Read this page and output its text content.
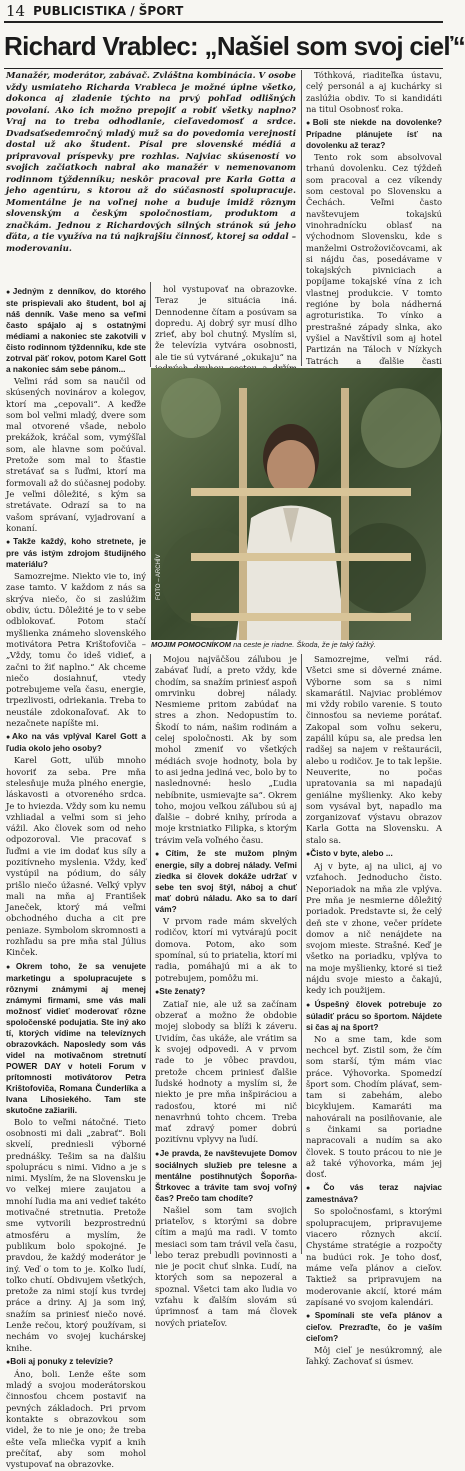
14 PUBLICISTIKA / ŠPORT
Richard Vrablec: „Našiel som svoj cieľ“
Manažér, moderátor, zabávač. Zvláštna kombinácia. V osobe vždy usmiateho Richarda Vrableca je možné úplne všetko, dokonca aj zladenie týchto na prvý pohľad odlišných povolaní. Ako ich možno prepojiť a robiť všetky naplno? Vraj na to treba odhodlanie, cieľavedomosť a srdce. Dvadsaťsedemročný mladý muž sa do povedomia verejnosti dostal už ako študent. Písal pre slovenské médiá a pripravoval príspevky pre rozhlas. Najviac skúseností vo svojich začiatkoch nabral ako manažér v nemenovanom rodinnom týždenníku; neskôr pracoval pre Karla Gotta a jeho agentúru, s ktorou až do súčasnosti spolupracuje. Momentálne je na voľnej nohe a buduje imidž rôznym slovenským a českým spoločnostiam, produktom a značkám. Jednou z Richardových silných stránok sú jeho ďáta, a tie využíva na tú najkrajšiu činnosť, ktorej sa oddal – moderovaniu.

Tóthková, riaditeľka ústavu, celý personál a aj kuchárky si zaslúžia obdiv. To si kandidáti na titul Osobnosť roka.

● Boli ste niekde na dovolenke? Prípadne plánujete ísť na dovolenku až teraz?

Tento rok som absolvoval trhanú dovolenku. Cez týždeň som pracoval a cez víkendy som cestoval po Slovensku a Čechách. Veľmi často navštevujem tokajskú vinohradnícku oblasť na východnom Slovensku, kde s manželmi Ostrožovičovcami, ak si nájdu čas, posedávame v tokajských pivniciach a popíjame tokajské vína z ich vlastnej produkcie. V tomto regióne by bola nádherná agroturistika. To vínko a prestrašné západy slnka, ako vyšiel a Navštívil som aj hotel Partizán na Táloch v Nízkych Tatrách a ďalšie časti

●
● Jedným z denníkov, do ktorého ste prispievali ako študent, bol aj náš denník. Vaše meno sa veľmi často spájalo aj s ostatnými médiami a nakoniec ste zakotvili v čisto rodinnom týždenníku, kde ste zotrval päť rokov, potom Karel Gott a nakoniec sám sebe pánom...

Veľmi rád som sa naučil od skúsených novinárov a kolegov, ktorí ma „cepovali“. A keďže som bol veľmi mladý, dvere som mal otvorené všade, nebolo prekážok, kráčal som, vymýšľal som, ale hlavne som počúval. Pretože som mal to šťastie stretávať sa s ľuďmi, ktorí ma formovali až do súčasnej podoby. Je veľmi dôležité, s kým sa stretávate. Odrazí sa to na vašom správaní, vyjadrovaní a konaní.

● Takže každý, koho stretnete, je pre vás istým zdrojom študijného materiálu?

Samozrejme. Niekto vie to, iný zase tamto. V každom z nás sa skrýva niečo, čo si zaslúžim obdiv, úctu. Dôležité je to v sebe odblokovať. Potom stačí myšlienka známeho slovenského motivátora Petra Krištofoviča – „Vždy, tomu čo ideš vidieť, a začni to žiť naplno.“ Ak chceme niečo dosiahnuť, vtedy potrebujeme veľa času, energie, trpezlivosti, odriekania. Treba to neustále zdokonaľovať. Ak to nezačnete napíšte mi.

● Ako na vás vplýval Karel Gott a ľudia okolo jeho osoby?

Karel Gott, uľúb mnoho hovoriť za seba. Pre mňa stelesňuje muža plného energie, láskavosti a otvoreného srdca. Je to hviezda. Vždy som ku nemu vzhliadal a veľmi som si jeho vážil. Ako človek som od neho odpozoroval. Vie pracovať s ľuďmi a vie im dodať kus síly a pozitívneho myslenia. Vždy, keď vystúpil na pódium, do sály prišlo niečo úžasné. Veľký vplyv mali na mňa aj František Janeček, ktorý má veľmi obchodného ducha a cit pre peniaze. Symbolom skromnosti a rozhľadu sa pre mňa stal Július Kinček.

● Okrem toho, že sa venujete marketingu a spolupracujete s rôznymi známymi aj menej známymi firmami, sme vás mali možnosť vidieť moderovať rôzne spoločenské podujatia. Ste iný ako tí, ktorých vídime na televíznych obrazovkách. Naposledy som vás videl na motivačnom stretnutí POWER DAY v hoteli Forum v prítomnosti motivátorov Petra Krištofoviča, Romana Čunderlíka a Ivana Líhosiekého. Tam ste skutočne zažiarili.

Bolo to veľmi nátočné. Tieto osobnosti mi dali „zabrať“. Boli skvelí, predniesli výborné prednášky. Tešim sa na ďalšiu spoluprácu s nimi. Vidno a je s nimi. Myslím, že na Slovensku je vo veľkej miere zaujatou a mnohí ľudia ma ani vedieť takéto motivačné stretnutia. Pretože sme vytvorili bezprostrednú atmosféru a myslím, že publikum bolo spokojné. Je pravdou, že každý moderátor je iný. Veď o tom to je. Koľko ľudí, toľko chutí. Obdivujem všetkých, pretože za nimi stojí kus tvrdej práce a driny. Aj ja som iný, snažím sa priniesť niečo nové. Lenže rečou, ktorý používam, si nechám vo svojej kuchárskej knihe.

● Boli aj ponuky z televízie?

Áno, boli. Lenže ešte som mladý a svojou moderátorskou činnosťou chcem postaviť na pevných základoch. Pri prvom kontakte s obrazovkou som videl, že to nie je ono; že treba ešte veľa mliečka vypiť a knih prečítať, aby som mohol vystupovať na obrazovke.

hol vystupovať na obrazovke. Teraz je situácia iná. Dennodenne čítam a posúvam sa dopredu. Aj dobrý syr musí dlho zrieť, aby bol chutný. Myslím si, že televízia vytvára osobnosti, ale tie sú vytvárané „okukaju“ na

●
FOTO – ARCHÍV
MOJIM POMOCNÍKOM na ceste je riadne. Škoda, že je taký ťažký.

Mojou najväčšou záľubou je zabávať ľudí, a preto vždy, kde chodím, sa snažím priniesť aspoň omrvinku dobrej nálady. Nesmieme pritom zabúdať na stres a zhon. Nedopustím to. Škodí to nám, našim rodinám a celej spoločnosti. Ak by som mohol zmeniť vo všetkých médiách svoje hodnoty, bola by to asi jedna jediná vec, bolo by to naslednovné: heslo „Ľudia nebíbnite, usmievajte sa“. Okrem toho, mojou veľkou záľubou sú aj ďalšie – dobré knihy, príroda a moje krstniatko Filipka, s ktorým trávim veľa voľného času.

● Cítim, že ste mužom plným energie, síly a dobrej nálady. Veľmi ziedka si človek dokáže udržať v sebe ten svoj štýl, náboj a chuť mať dobrú náladu. Ako sa to darí vám?

V prvom rade mám skvelých rodičov, ktorí mi vytvárajú pocit domova. Potom, ako som spomínal, sú to priatelia, ktorí mi radia, pomáhajú mi a ak to potrebujem, pomôžu mi.

● Ste ženatý?

Zatiaľ nie, ale už sa začínam obzerať a možno že obdobie mojej slobody sa blíži k záveru. Uvidím, čas ukáže, ale vrátim sa k svojej odpovedi. A v prvom rade to je vôbec pravdou, pretože chcem priniesť ďalšie ľudské hodnoty a myslím si, že niekto je pre mňa inšpiráciou a radosťou, ktoré mi nič nenavrhnú tohto chcem. Treba mať zdravý pomer dobrú pozitívnu vplyvy na ľudí.

● Je pravda, že navštevujete Domov sociálnych služieb pre telesne a mentálne postihnutých Šoporňa-Štrkovec a trávite tam svoj voľný čas? Prečo tam chodíte?

Našiel som tam svojich priateľov, s ktorými sa dobre cítim a majú ma radi. V tomto mesiaci som tam trávil veľa času, lebo teraz prebudli povinnosti a nie je pocit chuť slnka. Ľudí, na ktorých som sa nepozeral a spoznal. Všetci tam ako ľudia vo vzťahu k ďalším slovám sú úprimnosť a tam má človek nových priateľov.

Samozrejme, veľmi rád. Všetci sme si dôverné známe. Výborne som sa s nimi skamarátil. Najviac problémov mi vždy robilo varenie. S touto činnosťou sa nevieme porátať. Zakopal som voľnu sekeru, zapálil kúpu sa, ale predsa len radšej sa najem v reštaurácii, alebo u rodičov. Je to tak lepšie. Neuverite, no počas upratovania sa mi napadajú geniálne myšlienky. Ako keby som vysával byt, napadlo ma zorganizovať výstavu obrazov Karla Gotta na Slovensku. A stalo sa.

● Čisto v byte, alebo ...

Aj v byte, aj na ulici, aj vo vzťahoch. Jednoducho čisto. Neporiadok na mňa zle vplýva. Pre mňa je nesmierne dôležitý poriadok. Predstavte si, že celý deň ste v zhone, večer prídete domov a nič nenájdete na svojom mieste. Strašné. Keď je všetko na poriadku, vplýva to na moje myšlienky, ktoré si tiež nájdu svoje miesto a čakajú, kedy ich použijem.

● Úspešný človek potrebuje zo súladiť prácu so športom. Nájdete si čas aj na šport?

No a sme tam, kde som nechcel byť. Zistil som, že čím som starší, tým mám viac práce. Výhovorka. Spomedzí šport som. Chodím plávať, sem-tam si zabehám, alebo bicyklujem. Kamaráti ma nahovárali na posilňovanie, ale s činkami sa poriadne napracovali a nudím sa ako človek. S touto prácou to nie je až také výhovorka, mám jej dosť.

● Čo vás teraz najviac zamestnáva?

So spoločnosťami, s ktorými spolupracujem, pripravujeme viacero rôznych akcií. Chystáme stratégie a rozpočty na budúci rok. Je toho dosť, máme veľa plánov a cieľov. Taktiež sa pripravujem na moderovanie akcií, ktoré mám zapísané vo svojom kalendári.

● Spomínali ste veľa plánov a cieľov. Prezraďte, čo je vaším cieľom?

Môj cieľ je nesúkromný, ale ľahký. Zachovať si úsmev.
